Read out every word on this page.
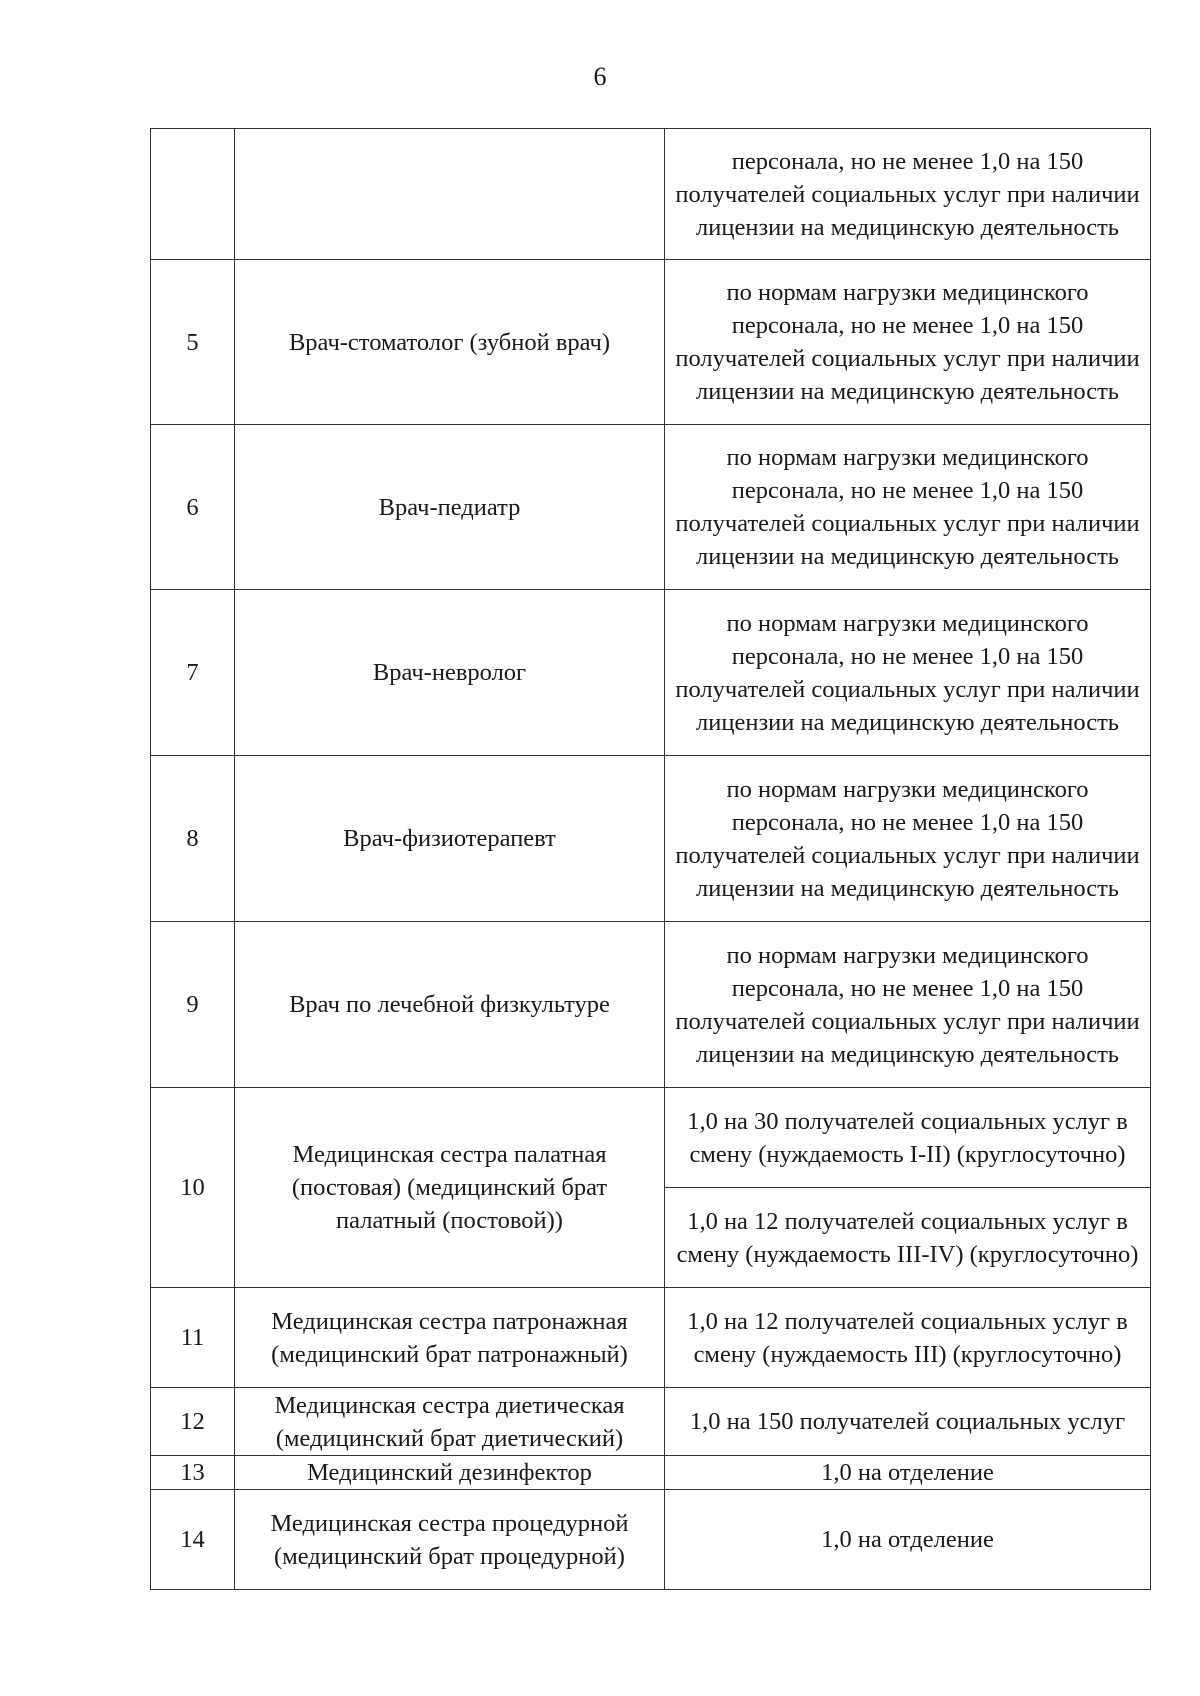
6
		персонала, но не менее 1,0 на 150 получателей социальных услуг при наличии лицензии на медицинскую деятельность
5	Врач-стоматолог (зубной врач)	по нормам нагрузки медицинского персонала, но не менее 1,0 на 150 получателей социальных услуг при наличии лицензии на медицинскую деятельность
6	Врач-педиатр	по нормам нагрузки медицинского персонала, но не менее 1,0 на 150 получателей социальных услуг при наличии лицензии на медицинскую деятельность
7	Врач-невролог	по нормам нагрузки медицинского персонала, но не менее 1,0 на 150 получателей социальных услуг при наличии лицензии на медицинскую деятельность
8	Врач-физиотерапевт	по нормам нагрузки медицинского персонала, но не менее 1,0 на 150 получателей социальных услуг при наличии лицензии на медицинскую деятельность
9	Врач по лечебной физкультуре	по нормам нагрузки медицинского персонала, но не менее 1,0 на 150 получателей социальных услуг при наличии лицензии на медицинскую деятельность
10	Медицинская сестра палатная (постовая) (медицинский брат палатный (постовой))	1,0 на 30 получателей социальных услуг в смену (нуждаемость I-II) (круглосуточно)
		1,0 на 12 получателей социальных услуг в смену (нуждаемость III-IV) (круглосуточно)
11	Медицинская сестра патронажная (медицинский брат патронажный)	1,0 на 12 получателей социальных услуг в смену (нуждаемость III) (круглосуточно)
12	Медицинская сестра диетическая (медицинский брат диетический)	1,0 на 150 получателей социальных услуг
13	Медицинский дезинфектор	1,0 на отделение
14	Медицинская сестра процедурной (медицинский брат процедурной)	1,0 на отделение
